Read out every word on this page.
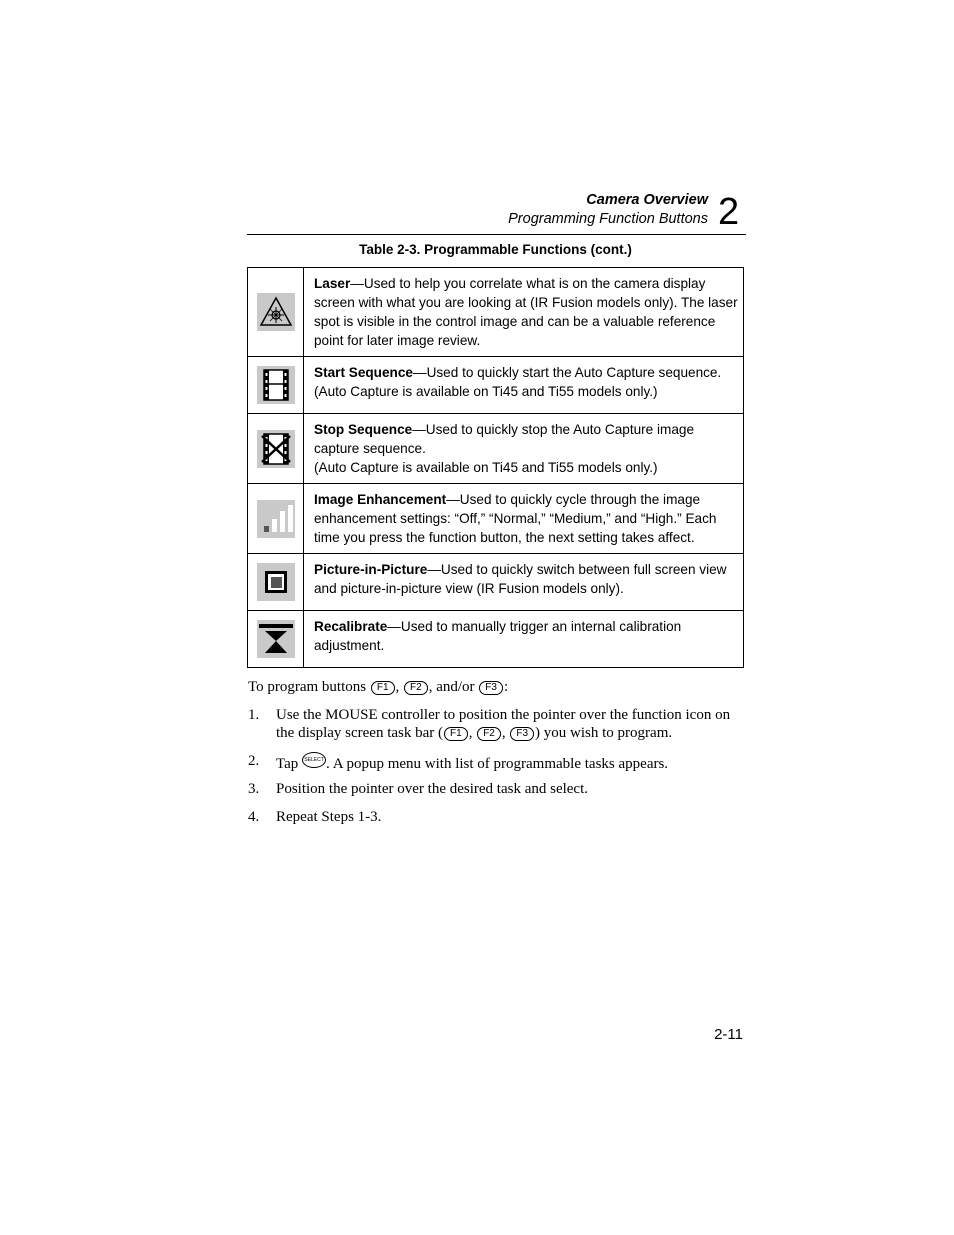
Camera Overview
Programming Function Buttons 2
Table 2-3. Programmable Functions (cont.)
	Laser—Used to help you correlate what is on the camera display screen with what you are looking at (IR Fusion models only). The laser spot is visible in the control image and can be a valuable reference point for later image review.

	Start Sequence—Used to quickly start the Auto Capture sequence.
(Auto Capture is available on Ti45 and Ti55 models only.)

	Stop Sequence—Used to quickly stop the Auto Capture image capture sequence.
(Auto Capture is available on Ti45 and Ti55 models only.)

	Image Enhancement—Used to quickly cycle through the image enhancement settings: “Off,” “Normal,” “Medium,” and “High.” Each time you press the function button, the next setting takes affect.

	Picture-in-Picture—Used to quickly switch between full screen view and picture-in-picture view (IR Fusion models only).

	Recalibrate—Used to manually trigger an internal calibration adjustment.
To program buttons F1 , F2 , and/or F3 :
1. Use the MOUSE controller to position the pointer over the function icon on the display screen task bar ( F1 , F2 , F3 ) you wish to program.
2. Tap SELECT . A popup menu with list of programmable tasks appears.
3. Position the pointer over the desired task and select.
4. Repeat Steps 1-3.
2-11
